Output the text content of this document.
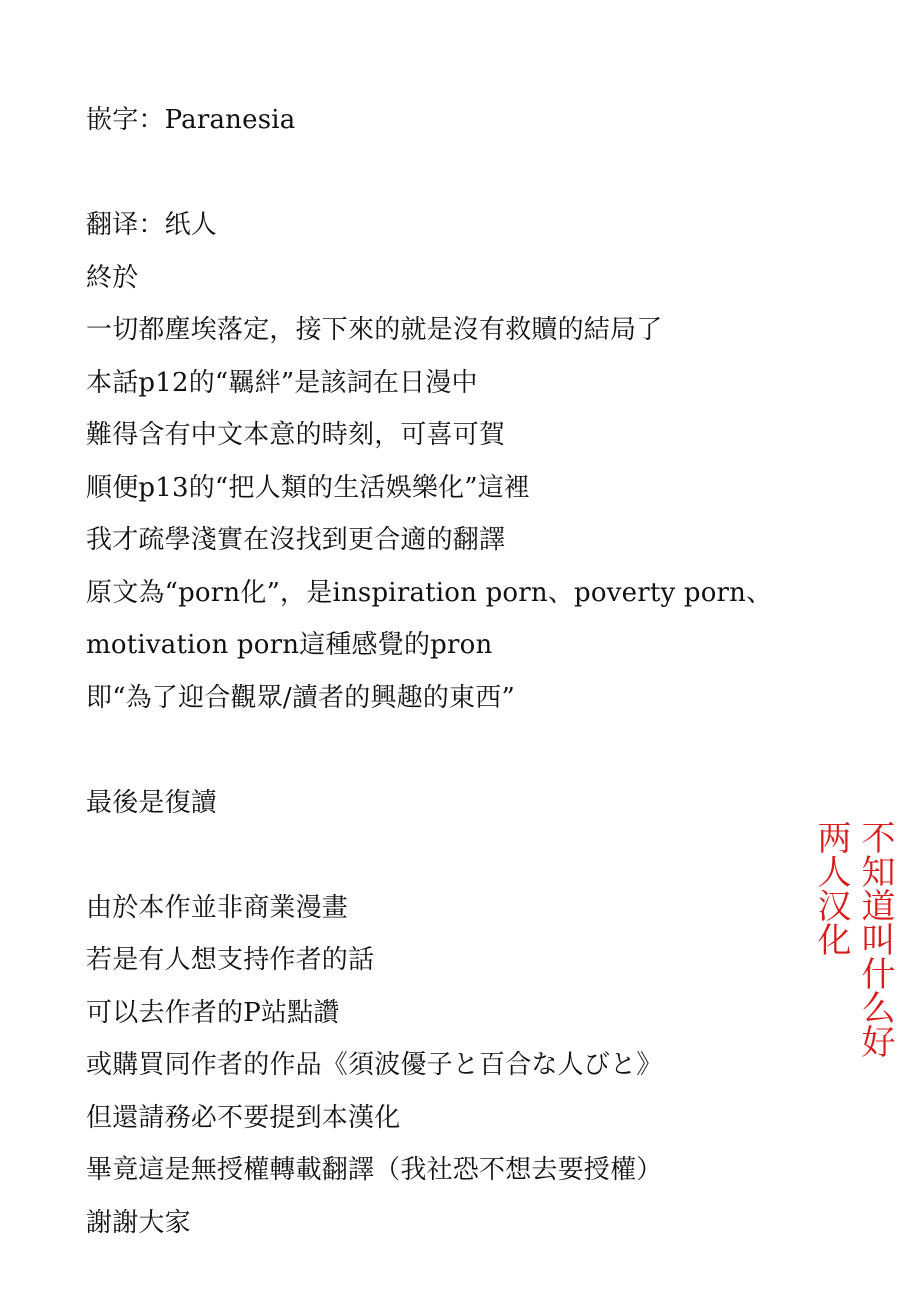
嵌字：Paranesia
翻译：纸人
終於
一切都塵埃落定，接下來的就是沒有救贖的結局了
本話p12的“羈絆”是該詞在日漫中
難得含有中文本意的時刻，可喜可賀
順便p13的“把人類的生活娛樂化”這裡
我才疏學淺實在沒找到更合適的翻譯
原文為“porn化”，是inspiration porn、poverty porn、
motivation porn這種感覺的pron
即“為了迎合觀眾/讀者的興趣的東西”
最後是復讀
由於本作並非商業漫畫
若是有人想支持作者的話
可以去作者的P站點讚
或購買同作者的作品《須波優子と百合な人びと》
但還請務必不要提到本漢化
畢竟這是無授權轉載翻譯（我社恐不想去要授權）
謝謝大家
不知道叫什么好
两人汉化
